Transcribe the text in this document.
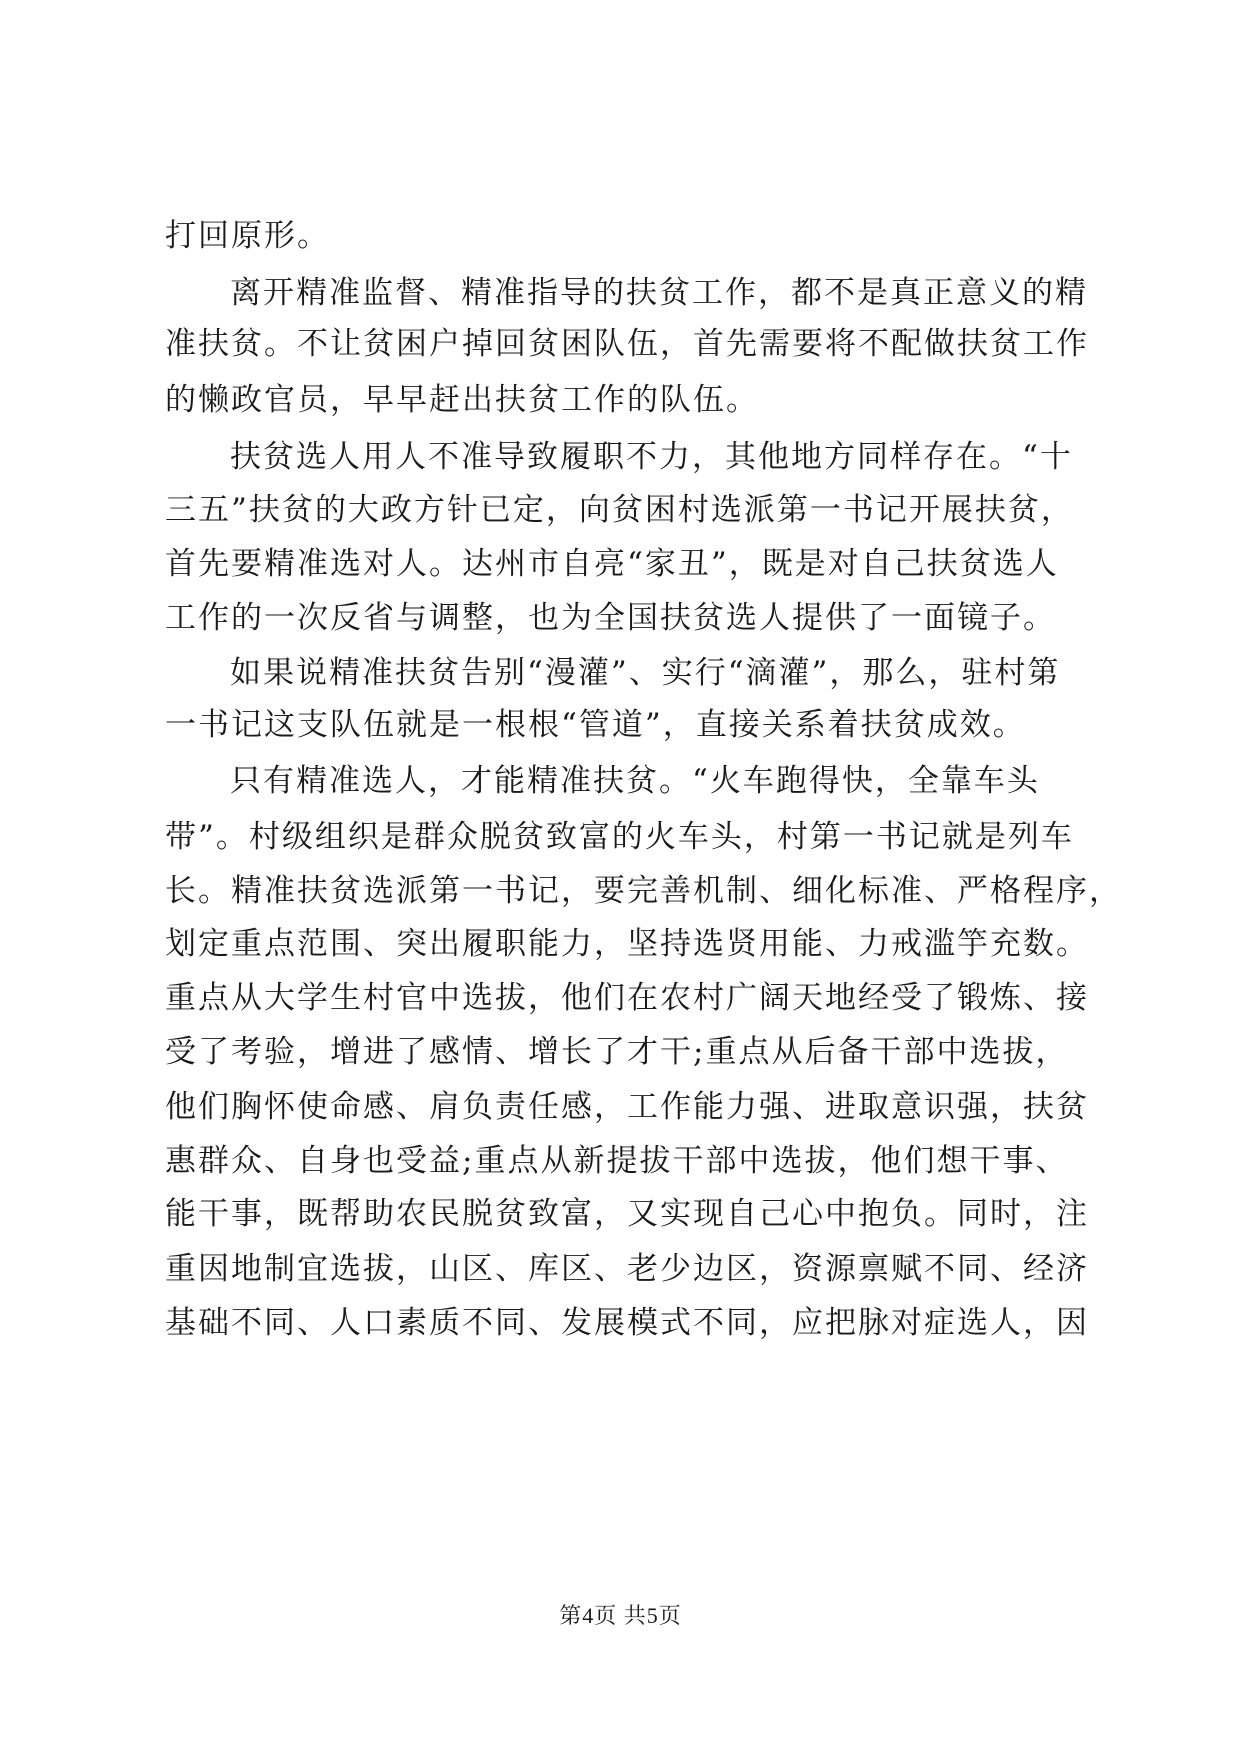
打回原形。
离开精准监督、精准指导的扶贫工作，都不是真正意义的精
准扶贫。不让贫困户掉回贫困队伍，首先需要将不配做扶贫工作
的懒政官员，早早赶出扶贫工作的队伍。
扶贫选人用人不准导致履职不力，其他地方同样存在。“十
三五”扶贫的大政方针已定，向贫困村选派第一书记开展扶贫，
首先要精准选对人。达州市自亮“家丑”，既是对自己扶贫选人
工作的一次反省与调整，也为全国扶贫选人提供了一面镜子。
如果说精准扶贫告别“漫灌”、实行“滴灌”，那么，驻村第
一书记这支队伍就是一根根“管道”，直接关系着扶贫成效。
只有精准选人，才能精准扶贫。“火车跑得快，全靠车头
带”。村级组织是群众脱贫致富的火车头，村第一书记就是列车
长。精准扶贫选派第一书记，要完善机制、细化标准、严格程序，
划定重点范围、突出履职能力，坚持选贤用能、力戒滥竽充数。
重点从大学生村官中选拔，他们在农村广阔天地经受了锻炼、接
受了考验，增进了感情、增长了才干;重点从后备干部中选拔，
他们胸怀使命感、肩负责任感，工作能力强、进取意识强，扶贫
惠群众、自身也受益;重点从新提拔干部中选拔，他们想干事、
能干事，既帮助农民脱贫致富，又实现自己心中抱负。同时，注
重因地制宜选拔，山区、库区、老少边区，资源禀赋不同、经济
基础不同、人口素质不同、发展模式不同，应把脉对症选人，因
第4页 共5页
